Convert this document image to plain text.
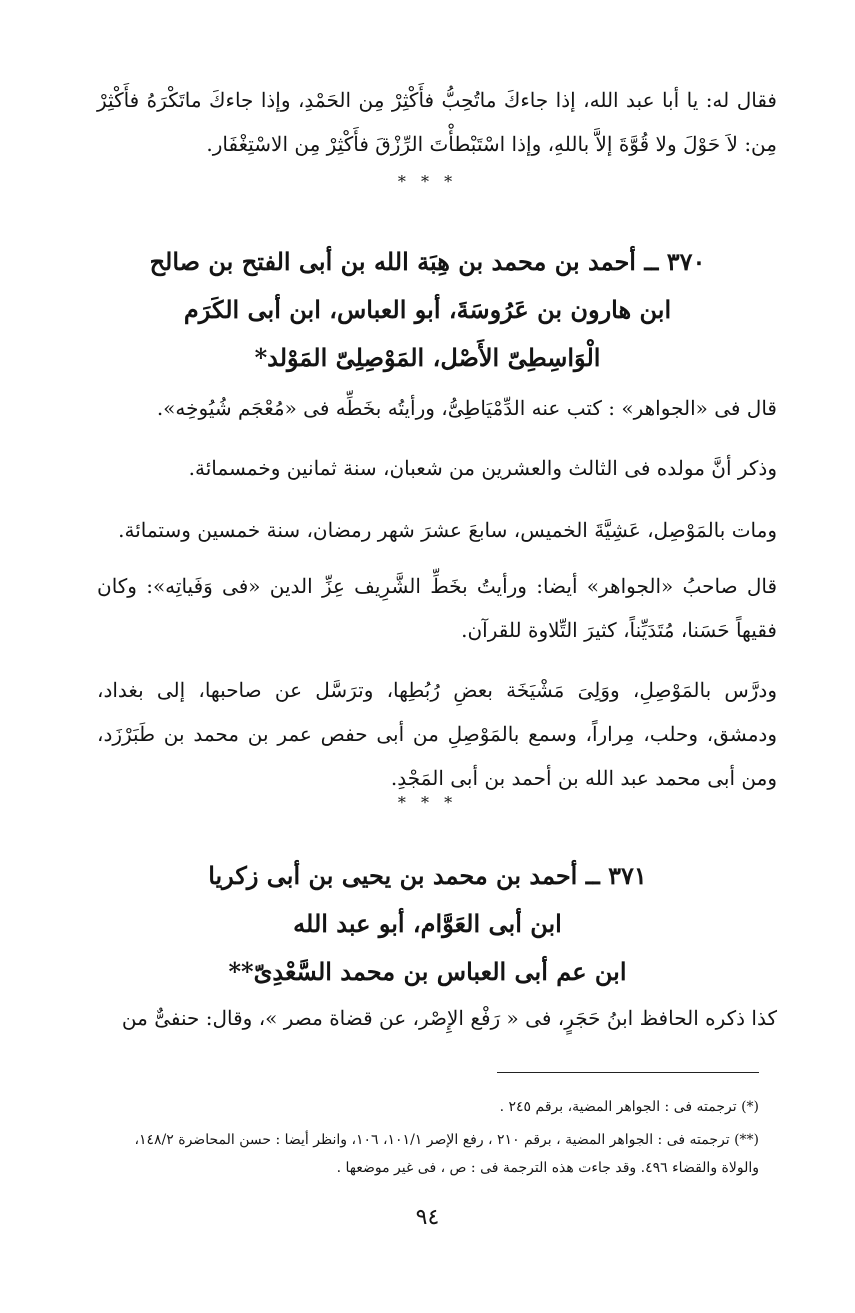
فقال له: يا أبا عبد الله، إذا جاءكَ ماتُحِبُّ فأَكْثِرْ مِن الحَمْدِ، وإذا جاءكَ ماتَكْرَهُ فأَكْثِرْ مِن: لاَ حَوْلَ ولا قُوَّةَ إلاَّ باللهِ، وإذا اسْتَبْطأْتَ الرِّزْقَ فأَكْثِرْ مِن الاسْتِغْفَار.

* * *
٣٧٠ ــ أحمد بن محمد بن هِبَة الله بن أبى الفتح بن صالح
ابن هارون بن عَرُوسَةَ، أبو العباس، ابن أبى الكَرَم
الْوَاسِطِىّ الأَصْل، المَوْصِلِىّ المَوْلد*

قال فى «الجواهر» : كتب عنه الدِّمْيَاطِىُّ، ورأيتُه بخَطِّه فى «مُعْجَم شُيُوخِه».

وذكر أنَّ مولده فى الثالث والعشرين من شعبان، سنة ثمانين وخمسمائة.

ومات بالمَوْصِل، عَشِيَّةَ الخميس، سابعَ عشرَ شهر رمضان، سنة خمسين وستمائة.

قال صاحبُ «الجواهر» أيضا: ورأيتُ بخَطِّ الشَّرِيف عِزِّ الدين «فى وَفَياتِه»: وكان فقيهاً حَسَنا، مُتَدَيِّناً، كثيرَ التِّلاوة للقرآن.

ودرَّس بالمَوْصِلِ، ووَلِىَ مَشْيَخَة بعضِ رُبُطِها، وترَسَّل عن صاحبها، إلى بغداد، ودمشق، وحلب، مِراراً، وسمع بالمَوْصِلِ من أبى حفص عمر بن محمد بن طَبَرْزَد، ومن أبى محمد عبد الله بن أحمد بن أبى المَجْدِ.

* * *
٣٧١ ــ أحمد بن محمد بن يحيى بن أبى زكريا
ابن أبى العَوَّام، أبو عبد الله
ابن عم أبى العباس بن محمد السَّعْدِىّ**

كذا ذكره الحافظ ابنُ حَجَرٍ، فى « رَفْع الإِصْر، عن قضاة مصر »، وقال: حنفىٌّ من

(*) ترجمته فى : الجواهر المضية، برقم ٢٤٥ .

(**) ترجمته فى : الجواهر المضية ، برقم ٢١٠ ، رفع الإصر ١٠١/١، ١٠٦، وانظر أيضا : حسن المحاضرة ١٤٨/٢، والولاة والقضاء ٤٩٦. وقد جاءت هذه الترجمة فى : ص ، فى غير موضعها .

٩٤
